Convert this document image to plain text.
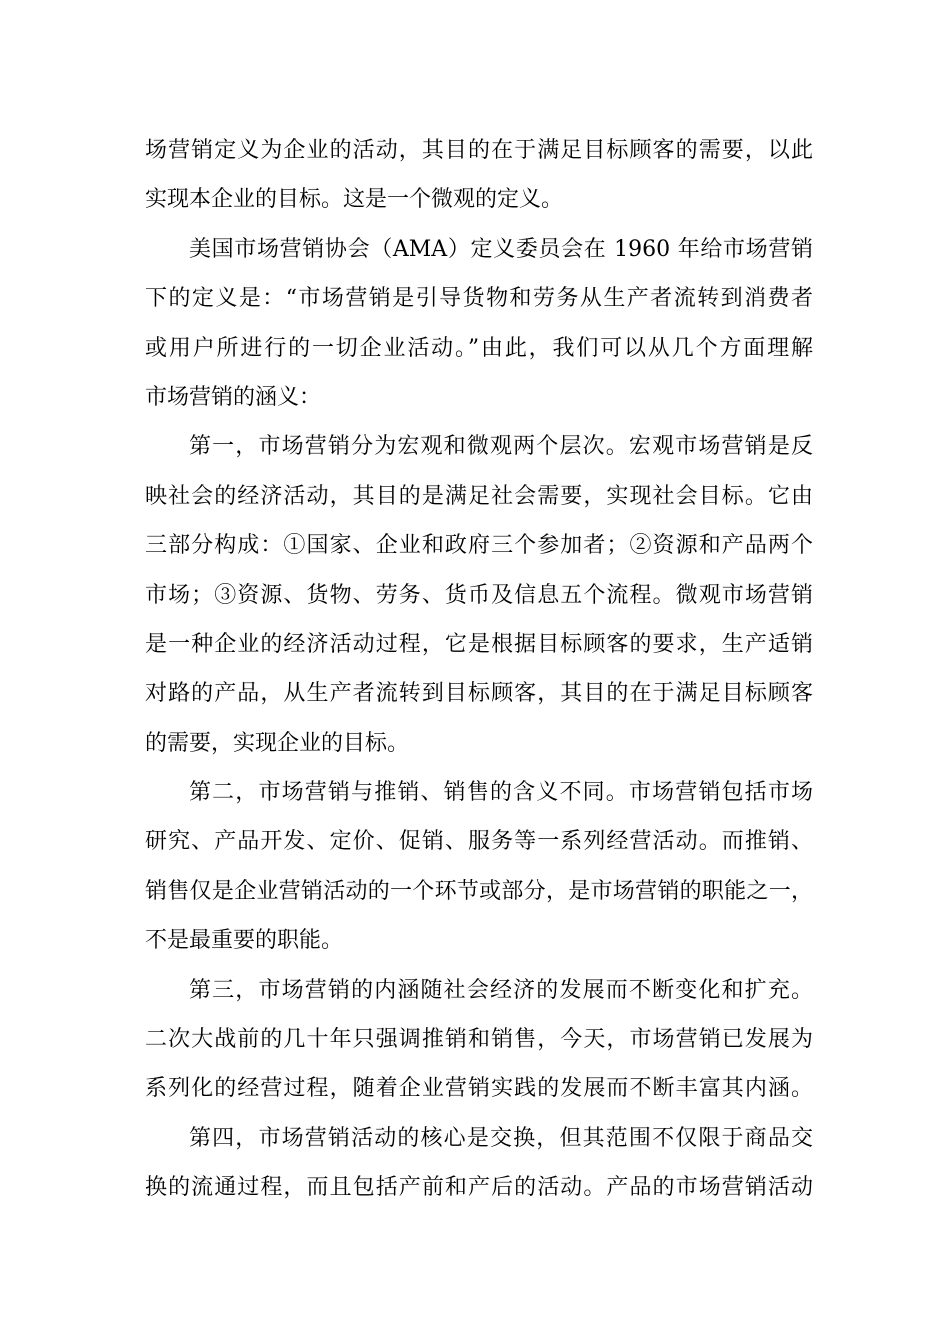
场营销定义为企业的活动，其目的在于满足目标顾客的需要，以此
实现本企业的目标。这是一个微观的定义。
美国市场营销协会（AMA）定义委员会在 1960 年给市场营销
下的定义是：“市场营销是引导货物和劳务从生产者流转到消费者
或用户所进行的一切企业活动。”由此，我们可以从几个方面理解
市场营销的涵义：
第一，市场营销分为宏观和微观两个层次。宏观市场营销是反
映社会的经济活动，其目的是满足社会需要，实现社会目标。它由
三部分构成：①国家、企业和政府三个参加者；②资源和产品两个
市场；③资源、货物、劳务、货币及信息五个流程。微观市场营销
是一种企业的经济活动过程，它是根据目标顾客的要求，生产适销
对路的产品，从生产者流转到目标顾客，其目的在于满足目标顾客
的需要，实现企业的目标。
第二，市场营销与推销、销售的含义不同。市场营销包括市场
研究、产品开发、定价、促销、服务等一系列经营活动。而推销、
销售仅是企业营销活动的一个环节或部分，是市场营销的职能之一，
不是最重要的职能。
第三，市场营销的内涵随社会经济的发展而不断变化和扩充。
二次大战前的几十年只强调推销和销售，今天，市场营销已发展为
系列化的经营过程，随着企业营销实践的发展而不断丰富其内涵。
第四，市场营销活动的核心是交换，但其范围不仅限于商品交
换的流通过程，而且包括产前和产后的活动。产品的市场营销活动
